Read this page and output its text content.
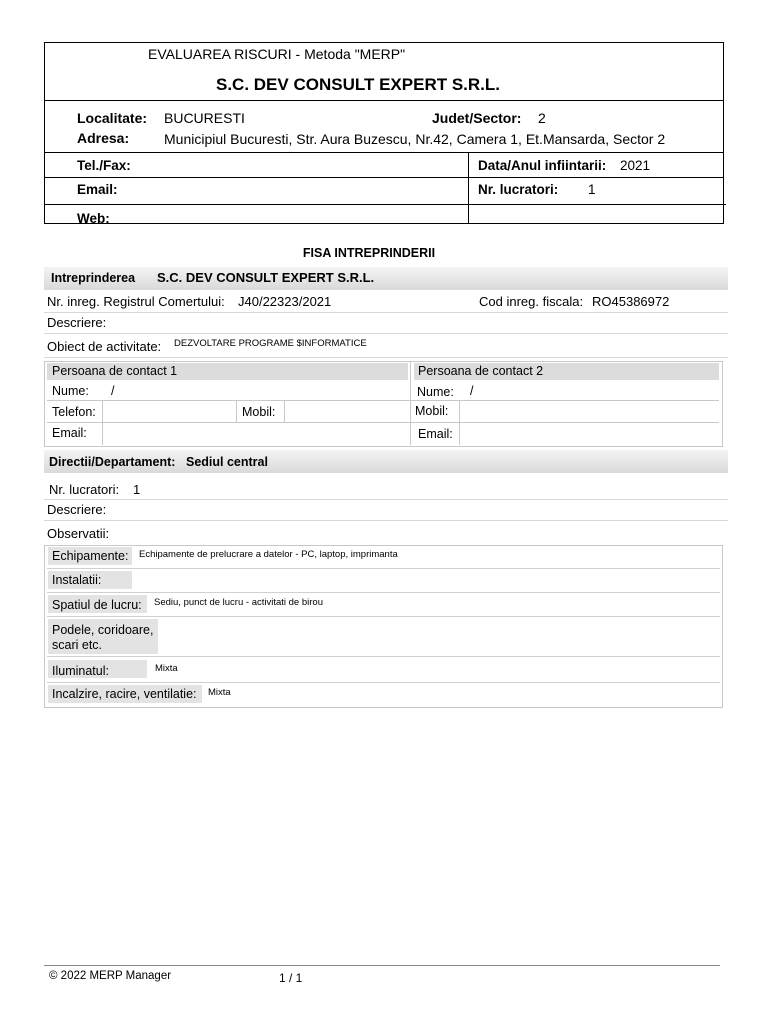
EVALUAREA RISCURI - Metoda "MERP"
S.C. DEV CONSULT EXPERT S.R.L.
Localitate: BUCURESTI	Judet/Sector: 2
Adresa: Municipiul Bucuresti, Str. Aura Buzescu, Nr.42, Camera 1, Et.Mansarda, Sector 2
Tel./Fax:	Data/Anul infiintarii: 2021
Email:	Nr. lucratori: 1
Web:
FISA INTREPRINDERII
Intreprinderea S.C. DEV CONSULT EXPERT S.R.L.
Nr. inreg. Registrul Comertului: J40/22323/2021	Cod inreg. fiscala: RO45386972
Descriere:
Obiect de activitate: DEZVOLTARE PROGRAME $INFORMATICE
Persoana de contact 1	Persoana de contact 2
Nume: /	Nume: /
Telefon:	Mobil:	Mobil:
Email:	Email:
Directii/Departament: Sediul central
Nr. lucratori: 1
Descriere:
Observatii:
Echipamente: Echipamente de prelucrare a datelor - PC, laptop, imprimanta
Instalatii:
Spatiul de lucru: Sediu, punct de lucru - activitati de birou
Podele, coridoare,
scari etc.
Iluminatul:	Mixta
Incalzire, racire, ventilatie: Mixta
© 2022 MERP Manager	1 / 1
